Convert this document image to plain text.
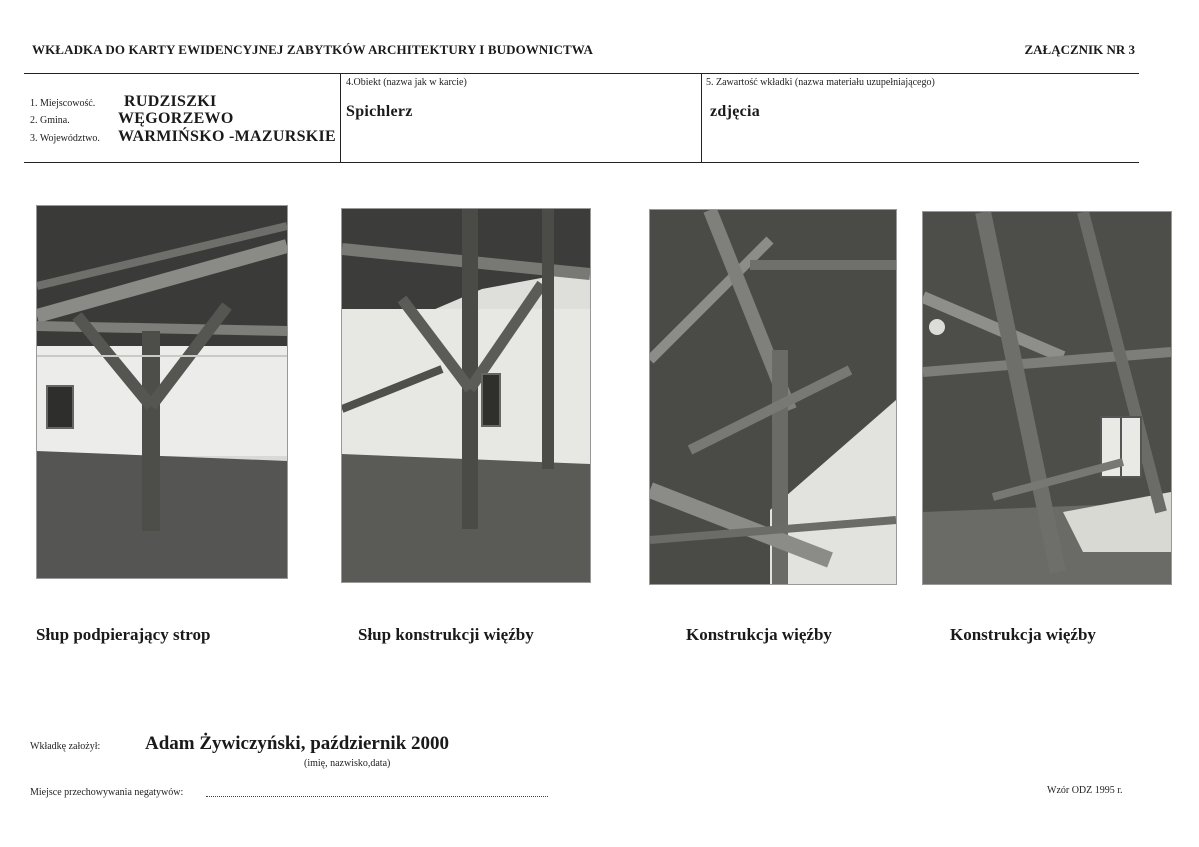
WKŁADKA DO KARTY EWIDENCYJNEJ ZABYTKÓW ARCHITEKTURY I BUDOWNICTWA	ZAŁĄCZNIK NR 3
1. Miejscowość.	RUDZISZKI
2. Gmina.	WĘGORZEWO
3. Województwo.	WARMIŃSKO -MAZURSKIE
4.Obiekt (nazwa jak w karcie)
Spichlerz
5. Zawartość wkładki (nazwa materiału uzupełniającego)
zdjęcia
Słup podpierający strop	Słup konstrukcji więźby	Konstrukcja więźby	Konstrukcja więźby
Wkładkę założył: Adam Żywiczyński, październik 2000
(imię, nazwisko,data)
Miejsce przechowywania negatywów:	Wzór ODZ 1995 r.
